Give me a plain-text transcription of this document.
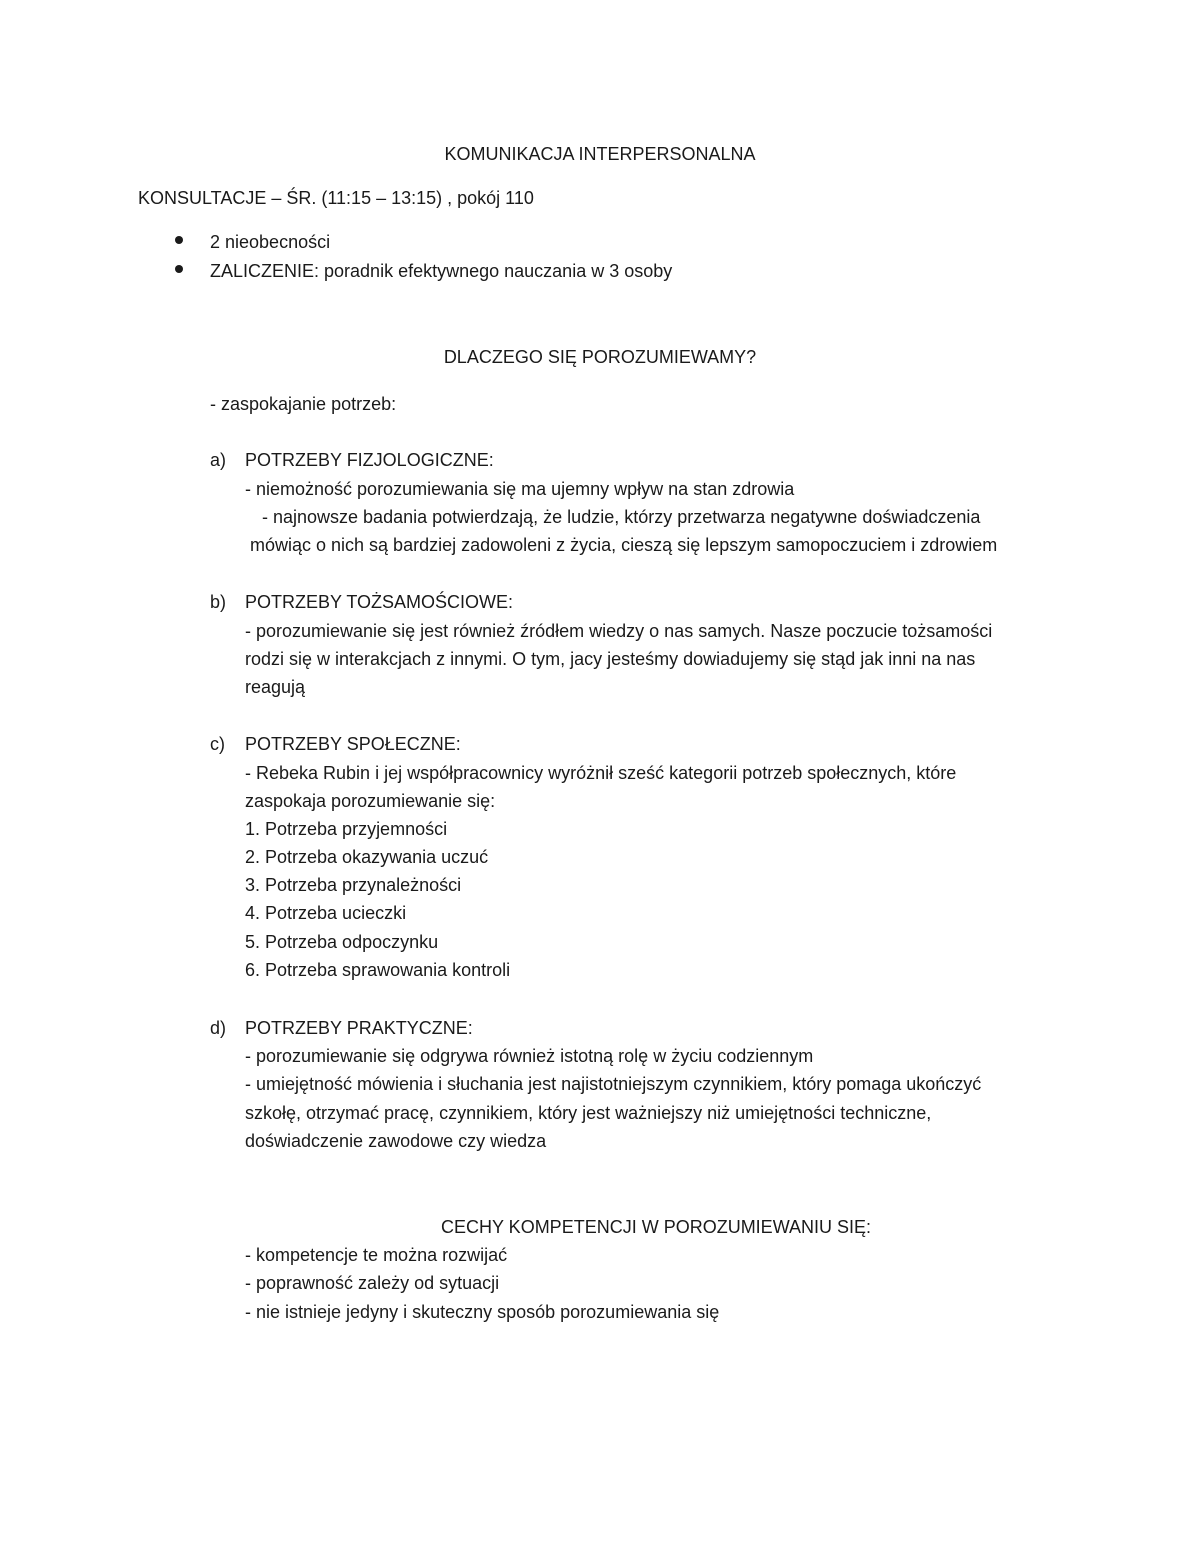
KOMUNIKACJA INTERPERSONALNA
KONSULTACJE – ŚR. (11:15 – 13:15) , pokój 110
2 nieobecności
ZALICZENIE: poradnik efektywnego nauczania w 3 osoby
DLACZEGO SIĘ POROZUMIEWAMY?
- zaspokajanie potrzeb:
a) POTRZEBY FIZJOLOGICZNE:
- niemożność porozumiewania się ma ujemny wpływ na stan zdrowia
- najnowsze badania potwierdzają, że ludzie, którzy przetwarza negatywne doświadczenia
mówiąc o nich są bardziej zadowoleni z życia, cieszą się lepszym samopoczuciem i zdrowiem
b) POTRZEBY TOŻSAMOŚCIOWE:
- porozumiewanie się jest również źródłem wiedzy o nas samych. Nasze poczucie tożsamości
rodzi się w interakcjach z innymi. O tym, jacy jesteśmy dowiadujemy się stąd jak inni na nas
reagują
c) POTRZEBY SPOŁECZNE:
- Rebeka Rubin i jej współpracownicy wyróżnił sześć kategorii potrzeb społecznych, które
zaspokaja porozumiewanie się:
1. Potrzeba przyjemności
2. Potrzeba okazywania uczuć
3. Potrzeba przynależności
4. Potrzeba ucieczki
5. Potrzeba odpoczynku
6. Potrzeba sprawowania kontroli
d) POTRZEBY PRAKTYCZNE:
- porozumiewanie się odgrywa również istotną rolę w życiu codziennym
- umiejętność mówienia i słuchania jest najistotniejszym czynnikiem, który pomaga ukończyć
szkołę, otrzymać pracę, czynnikiem, który jest ważniejszy niż umiejętności techniczne,
doświadczenie zawodowe czy wiedza
CECHY KOMPETENCJI W POROZUMIEWANIU SIĘ:
- kompetencje te można rozwijać
- poprawność zależy od sytuacji
- nie istnieje jedyny i skuteczny sposób porozumiewania się
